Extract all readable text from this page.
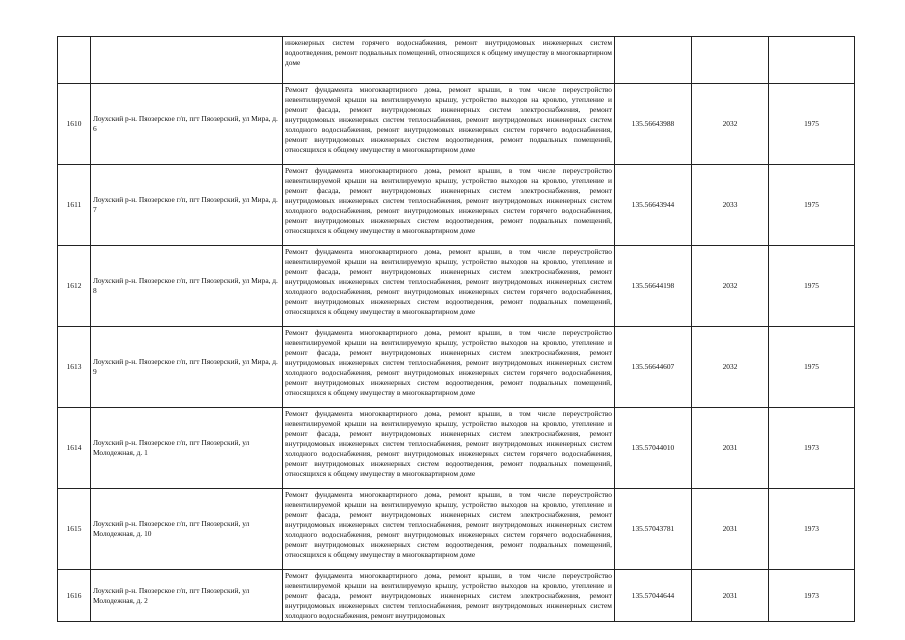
		инженерных систем горячего водоснабжения, ремонт внутридомовых инженерных систем водоотведения, ремонт подвальных помещений, относящихся к общему имуществу в многоквартирном доме			

1610	Лоухский р-н. Пяозерское г/п, пгт Пяозерский, ул Мира, д. 6	Ремонт фундамента многоквартирного дома, ремонт крыши, в том числе переустройство невентилируемой крыши на вентилируемую крышу, устройство выходов на кровлю, утепление и ремонт фасада, ремонт внутридомовых инженерных систем электроснабжения, ремонт внутридомовых инженерных систем теплоснабжения, ремонт внутридомовых инженерных систем холодного водоснабжения, ремонт внутридомовых инженерных систем горячего водоснабжения, ремонт внутридомовых инженерных систем водоотведения, ремонт подвальных помещений, относящихся к общему имуществу в многоквартирном доме	135.56643988	2032	1975
1611	Лоухский р-н. Пяозерское г/п, пгт Пяозерский, ул Мира, д. 7	Ремонт фундамента многоквартирного дома, ремонт крыши, в том числе переустройство невентилируемой крыши на вентилируемую крышу, устройство выходов на кровлю, утепление и ремонт фасада, ремонт внутридомовых инженерных систем электроснабжения, ремонт внутридомовых инженерных систем теплоснабжения, ремонт внутридомовых инженерных систем холодного водоснабжения, ремонт внутридомовых инженерных систем горячего водоснабжения, ремонт внутридомовых инженерных систем водоотведения, ремонт подвальных помещений, относящихся к общему имуществу в многоквартирном доме	135.56643944	2033	1975
1612	Лоухский р-н. Пяозерское г/п, пгт Пяозерский, ул Мира, д. 8	Ремонт фундамента многоквартирного дома, ремонт крыши, в том числе переустройство невентилируемой крыши на вентилируемую крышу, устройство выходов на кровлю, утепление и ремонт фасада, ремонт внутридомовых инженерных систем электроснабжения, ремонт внутридомовых инженерных систем теплоснабжения, ремонт внутридомовых инженерных систем холодного водоснабжения, ремонт внутридомовых инженерных систем горячего водоснабжения, ремонт внутридомовых инженерных систем водоотведения, ремонт подвальных помещений, относящихся к общему имуществу в многоквартирном доме	135.56644198	2032	1975
1613	Лоухский р-н. Пяозерское г/п, пгт Пяозерский, ул Мира, д. 9	Ремонт фундамента многоквартирного дома, ремонт крыши, в том числе переустройство невентилируемой крыши на вентилируемую крышу, устройство выходов на кровлю, утепление и ремонт фасада, ремонт внутридомовых инженерных систем электроснабжения, ремонт внутридомовых инженерных систем теплоснабжения, ремонт внутридомовых инженерных систем холодного водоснабжения, ремонт внутридомовых инженерных систем горячего водоснабжения, ремонт внутридомовых инженерных систем водоотведения, ремонт подвальных помещений, относящихся к общему имуществу в многоквартирном доме	135.56644607	2032	1975
1614	Лоухский р-н. Пяозерское г/п, пгт Пяозерский, ул Молодежная, д. 1	Ремонт фундамента многоквартирного дома, ремонт крыши, в том числе переустройство невентилируемой крыши на вентилируемую крышу, устройство выходов на кровлю, утепление и ремонт фасада, ремонт внутридомовых инженерных систем электроснабжения, ремонт внутридомовых инженерных систем теплоснабжения, ремонт внутридомовых инженерных систем холодного водоснабжения, ремонт внутридомовых инженерных систем горячего водоснабжения, ремонт внутридомовых инженерных систем водоотведения, ремонт подвальных помещений, относящихся к общему имуществу в многоквартирном доме	135.57044010	2031	1973
1615	Лоухский р-н. Пяозерское г/п, пгт Пяозерский, ул Молодежная, д. 10	Ремонт фундамента многоквартирного дома, ремонт крыши, в том числе переустройство невентилируемой крыши на вентилируемую крышу, устройство выходов на кровлю, утепление и ремонт фасада, ремонт внутридомовых инженерных систем электроснабжения, ремонт внутридомовых инженерных систем теплоснабжения, ремонт внутридомовых инженерных систем холодного водоснабжения, ремонт внутридомовых инженерных систем горячего водоснабжения, ремонт внутридомовых инженерных систем водоотведения, ремонт подвальных помещений, относящихся к общему имуществу в многоквартирном доме	135.57043781	2031	1973
1616	Лоухский р-н. Пяозерское г/п, пгт Пяозерский, ул Молодежная, д. 2	Ремонт фундамента многоквартирного дома, ремонт крыши, в том числе переустройство невентилируемой крыши на вентилируемую крышу, устройство выходов на кровлю, утепление и ремонт фасада, ремонт внутридомовых инженерных систем электроснабжения, ремонт внутридомовых инженерных систем теплоснабжения, ремонт внутридомовых инженерных систем холодного водоснабжения, ремонт внутридомовых	135.57044644	2031	1973
